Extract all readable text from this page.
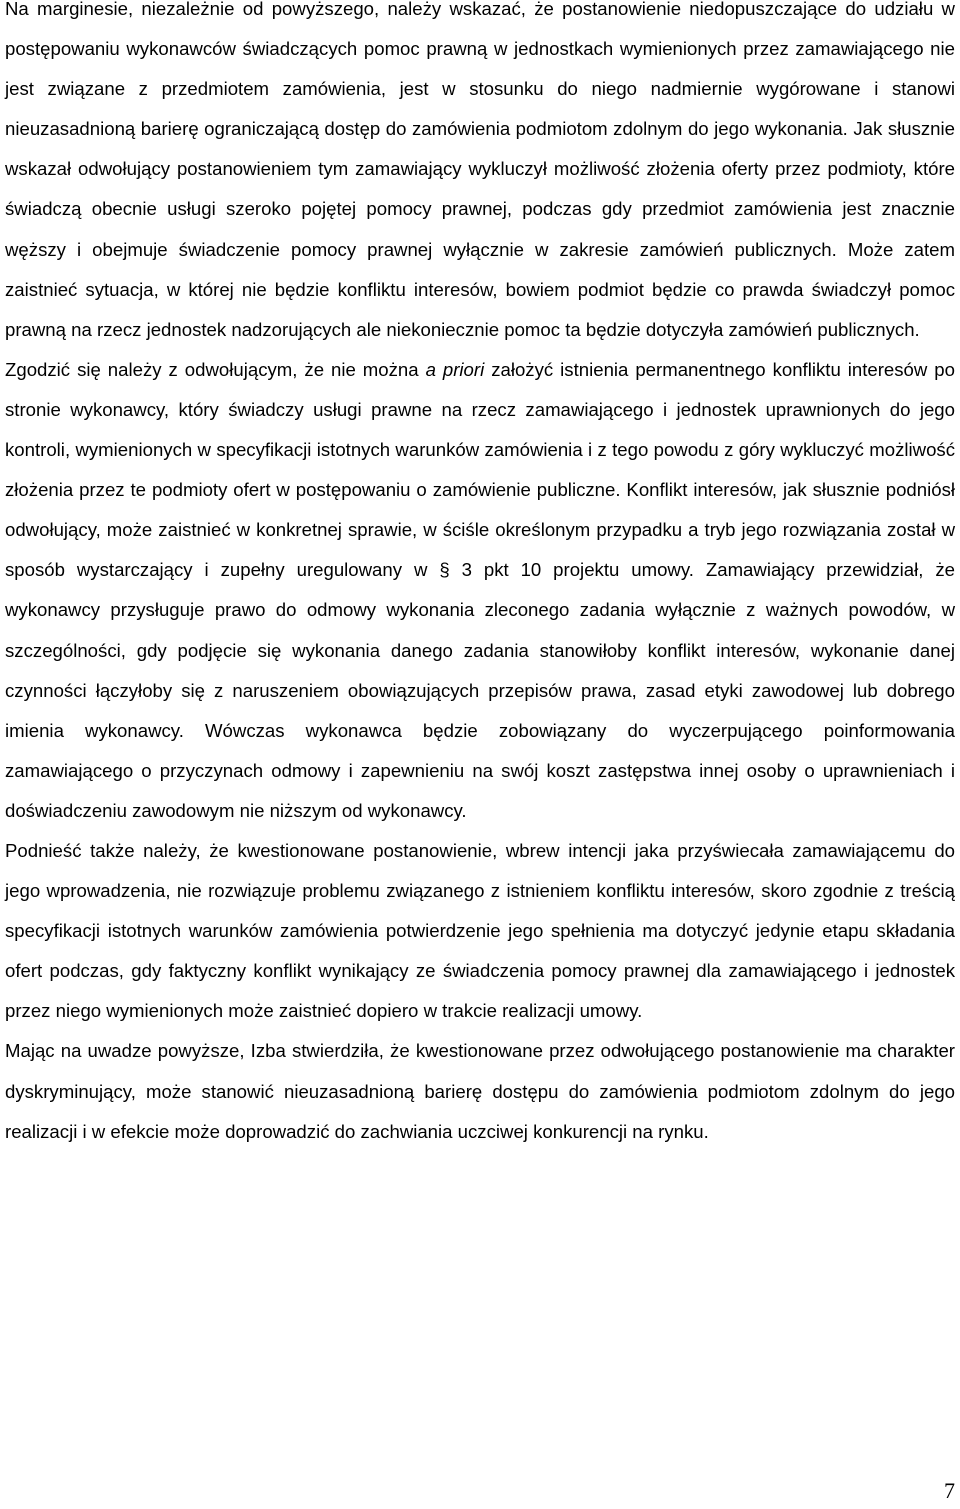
Na marginesie, niezależnie od powyższego, należy wskazać, że postanowienie niedopuszczające do udziału w postępowaniu wykonawców świadczących pomoc prawną w jednostkach wymienionych przez zamawiającego nie jest związane z przedmiotem zamówienia, jest w stosunku do niego nadmiernie wygórowane i stanowi nieuzasadnioną barierę ograniczającą dostęp do zamówienia podmiotom zdolnym do jego wykonania. Jak słusznie wskazał odwołujący postanowieniem tym zamawiający wykluczył możliwość złożenia oferty przez podmioty, które świadczą obecnie usługi szeroko pojętej pomocy prawnej, podczas gdy przedmiot zamówienia jest znacznie węższy i obejmuje świadczenie pomocy prawnej wyłącznie w zakresie zamówień publicznych. Może zatem zaistnieć sytuacja, w której nie będzie konfliktu interesów, bowiem podmiot będzie co prawda świadczył pomoc prawną na rzecz jednostek nadzorujących ale niekoniecznie pomoc ta będzie dotyczyła zamówień publicznych.

Zgodzić się należy z odwołującym, że nie można a priori założyć istnienia permanentnego konfliktu interesów po stronie wykonawcy, który świadczy usługi prawne na rzecz zamawiającego i jednostek uprawnionych do jego kontroli, wymienionych w specyfikacji istotnych warunków zamówienia i z tego powodu z góry wykluczyć możliwość złożenia przez te podmioty ofert w postępowaniu o zamówienie publiczne. Konflikt interesów, jak słusznie podniósł odwołujący, może zaistnieć w konkretnej sprawie, w ściśle określonym przypadku a tryb jego rozwiązania został w sposób wystarczający i zupełny uregulowany w § 3 pkt 10 projektu umowy. Zamawiający przewidział, że wykonawcy przysługuje prawo do odmowy wykonania zleconego zadania wyłącznie z ważnych powodów, w szczególności, gdy podjęcie się wykonania danego zadania stanowiłoby konflikt interesów, wykonanie danej czynności łączyłoby się z naruszeniem obowiązujących przepisów prawa, zasad etyki zawodowej lub dobrego imienia wykonawcy. Wówczas wykonawca będzie zobowiązany do wyczerpującego poinformowania zamawiającego o przyczynach odmowy i zapewnieniu na swój koszt zastępstwa innej osoby o uprawnieniach i doświadczeniu zawodowym nie niższym od wykonawcy.

Podnieść także należy, że kwestionowane postanowienie, wbrew intencji jaka przyświecała zamawiającemu do jego wprowadzenia, nie rozwiązuje problemu związanego z istnieniem konfliktu interesów, skoro zgodnie z treścią specyfikacji istotnych warunków zamówienia potwierdzenie jego spełnienia ma dotyczyć jedynie etapu składania ofert podczas, gdy faktyczny konflikt wynikający ze świadczenia pomocy prawnej dla zamawiającego i jednostek przez niego wymienionych może zaistnieć dopiero w trakcie realizacji umowy.

Mając na uwadze powyższe, Izba stwierdziła, że kwestionowane przez odwołującego postanowienie ma charakter dyskryminujący, może stanowić nieuzasadnioną barierę dostępu do zamówienia podmiotom zdolnym do jego realizacji i w efekcie może doprowadzić do zachwiania uczciwej konkurencji na rynku.

7
